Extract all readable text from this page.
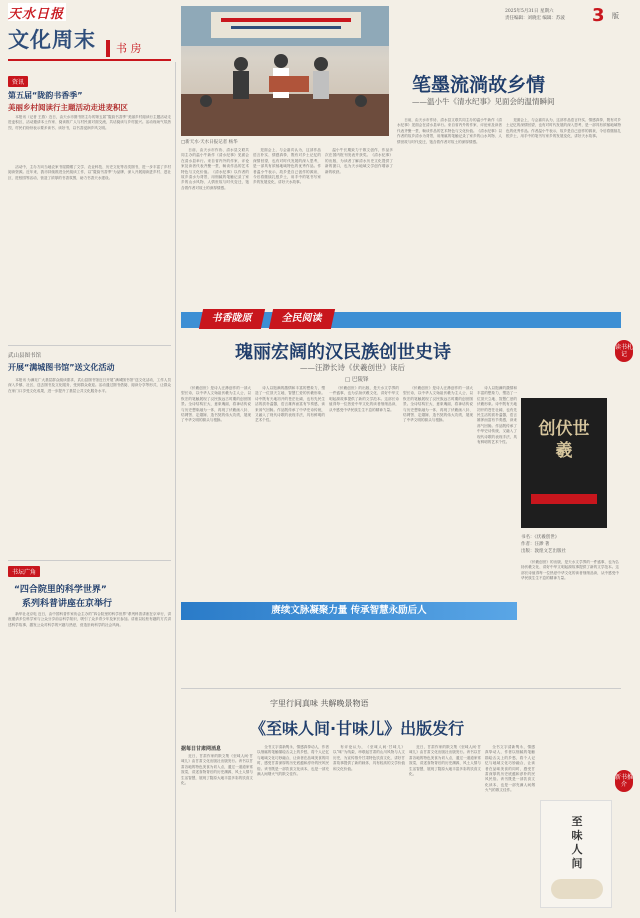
天水日报
文化周末 书 房
2025年5月31日 星期六
责任编辑：刘晓宏 编辑：苏波	3 版
资讯
第五届“陇韵书香季”
美丽乡村阅读行主题活动走进麦积区

本报讯（记者 王燕）近日，由天水市图书馆主办的第五届“陇韵书香季”美丽乡村阅读行主题活动走进麦积区，活动邀请本土作家、阅读推广人与村民面对面交流，共话阅读与乡村振兴。活动现场气氛热烈，村民们纷纷表示要多读书、读好书，以书香浸润乡风文明。

活动中，主办方向当地农家书屋捐赠了文学、农业科技、历史文化等各类图书，进一步丰富了乡村阅读资源。近年来，我市持续推进全民阅读工作，以“陇韵书香季”为品牌，深入开展阅读进乡村、进社区、进校园等活动，营造了浓厚的书香氛围，助力书香天水建设。

武山县图书馆
开展“满城图书馆”送文化活动

本报讯 为满足广大基层群众阅读需求，武山县图书馆近日开展“满城图书馆”送文化活动，工作人员深入乡镇、社区，送去图书及文化服务，受到群众欢迎。活动通过图书借阅、阅读分享等形式，让群众在家门口享受文化成果，进一步提升了基层公共文化服务水平。

书坛广角
“四合院里的科学世界”
系列科普讲座在京举行

新华社北京电 近日，由中国科普作家协会主办的“四合院里的科学世界”系列科普讲座在京举行，讲座邀请多位科学家与公众分享前沿科学知识，吸引了众多青少年及家长参加。讲座以轻松有趣的方式讲述科学故事，激发公众对科学的兴趣与热爱，营造崇尚科学的社会风尚。

□新天水·天水日报记者 杨华
笔墨流淌故乡情
——温小牛《清水纪事》见面会的温情瞬间

日前，由天水市作协、清水县文联共同主办的温小牛新作《清水纪事》见面会在清水县举行。来自省内外的作家、评论家及读者代表齐聚一堂，畅谈作品的艺术特色与文化价值。《清水纪事》以作者的故乡清水为背景，用细腻的笔触记录了家乡的山水风物、人情世故与时代变迁，饱含着作者对故土的深厚情感。

见面会上，与会嘉宾认为，这部作品语言朴实、情感真挚，既有对乡土记忆的深情回望，也有对时代发展的深入思考，是一部具有浓郁地域特色的优秀作品。作者温小牛表示，故乡是自己创作的源泉，今后将继续扎根乡土，用手中的笔书写家乡的发展变化，讲好天水故事。

温小牛长期致力于散文创作，作品多次在国内报刊发表并获奖。《清水纪事》的出版，为读者了解清水历史文化提供了新的窗口，也为天水地域文学创作增添了新的收获。

日前，由天水市作协、清水县文联共同主办的温小牛新作《清水纪事》见面会在清水县举行。来自省内外的作家、评论家及读者代表齐聚一堂，畅谈作品的艺术特色与文化价值。《清水纪事》以作者的故乡清水为背景，用细腻的笔触记录了家乡的山水风物、人情世故与时代变迁，饱含着作者对故土的深厚情感。

见面会上，与会嘉宾认为，这部作品语言朴实、情感真挚，既有对乡土记忆的深情回望，也有对时代发展的深入思考，是一部具有浓郁地域特色的优秀作品。作者温小牛表示，故乡是自己创作的源泉，今后将继续扎根乡土，用手中的笔书写家乡的发展变化，讲好天水故事。

书香陇原	全民阅读
瑰丽宏阔的汉民族创世史诗
——汪渺长诗《伏羲创世》读后
□ 巴陵锋
读书札记

《伏羲创世》是诗人汪渺创作的一部大型长诗，以中华人文始祖伏羲为主人公，以恢宏的笔触展现了汉民族远古时期的创世图景。全诗结构宏大、意象瑰丽，将神话传说与历史想象融为一体，再现了伏羲画八卦、结网罟、定婚嫁、造书契的伟大功绩，展现了中华文明的源头与根脉。

诗人以饱满的激情和丰富的想象力，塑造了一位顶天立地、智慧仁爱的伏羲形象。诗中既有天地初开的苍茫壮阔，也有先民生活的质朴温馨，语言雄浑而富有节奏感，读来荡气回肠。作品既传承了中华史诗传统，又融入了现代诗歌的表现手法，具有鲜明的艺术个性。

《伏羲创世》的出版，是天水文学界的一件盛事，也为弘扬伏羲文化、讲好中华文明起源故事提供了新的文学范本。这部长诗值得每一位热爱中华文化的读者细细品读，从中感受中华民族生生不息的精神力量。

《伏羲创世》是诗人汪渺创作的一部大型长诗，以中华人文始祖伏羲为主人公，以恢宏的笔触展现了汉民族远古时期的创世图景。全诗结构宏大、意象瑰丽，将神话传说与历史想象融为一体，再现了伏羲画八卦、结网罟、定婚嫁、造书契的伟大功绩，展现了中华文明的源头与根脉。

诗人以饱满的激情和丰富的想象力，塑造了一位顶天立地、智慧仁爱的伏羲形象。诗中既有天地初开的苍茫壮阔，也有先民生活的质朴温馨，语言雄浑而富有节奏感，读来荡气回肠。作品既传承了中华史诗传统，又融入了现代诗歌的表现手法，具有鲜明的艺术个性。

创伏世羲
书名：《伏羲创世》
作者：汪渺 著
出版：敦煌文艺出版社

《伏羲创世》的出版，是天水文学界的一件盛事，也为弘扬伏羲文化、讲好中华文明起源故事提供了新的文学范本。这部长诗值得每一位热爱中华文化的读者细细品读，从中感受中华民族生生不息的精神力量。

赓续文脉凝聚力量 传承智慧永励后人
字里行间真味 共解晚景物语
《至味人间·甘味儿》出版发行
新书推介
据每日甘肃网消息

近日，甘肃作家的散文集《至味人间·甘味儿》由甘肃文化出版社出版发行。该书以甘肃各地的特色美食为切入点，通过一道道家常饭菜，讲述食物背后的历史渊源、风土人情与生活智慧，展现了陇原大地丰富多彩的饮食文化。

全书文字清新隽永，情感真挚动人，作者以细腻的笔触描绘舌尖上的乡愁，将个人记忆与地域文化巧妙融合，让读者在品味美食的同时，感受甘肃深厚的历史底蕴和淳朴的民风民俗。该书既是一部饮食文化读本，也是一部充满人间烟火气的散文佳作。

有评论认为，《至味人间·甘味儿》以“味”为线索，串联起甘肃的山川风物与人文历史，为宣传推介甘肃特色饮食文化、讲好甘肃故事提供了新的载体，具有较高的文学价值和文化价值。

近日，甘肃作家的散文集《至味人间·甘味儿》由甘肃文化出版社出版发行。该书以甘肃各地的特色美食为切入点，通过一道道家常饭菜，讲述食物背后的历史渊源、风土人情与生活智慧，展现了陇原大地丰富多彩的饮食文化。

全书文字清新隽永，情感真挚动人，作者以细腻的笔触描绘舌尖上的乡愁，将个人记忆与地域文化巧妙融合，让读者在品味美食的同时，感受甘肃深厚的历史底蕴和淳朴的民风民俗。该书既是一部饮食文化读本，也是一部充满人间烟火气的散文佳作。

至味人间
